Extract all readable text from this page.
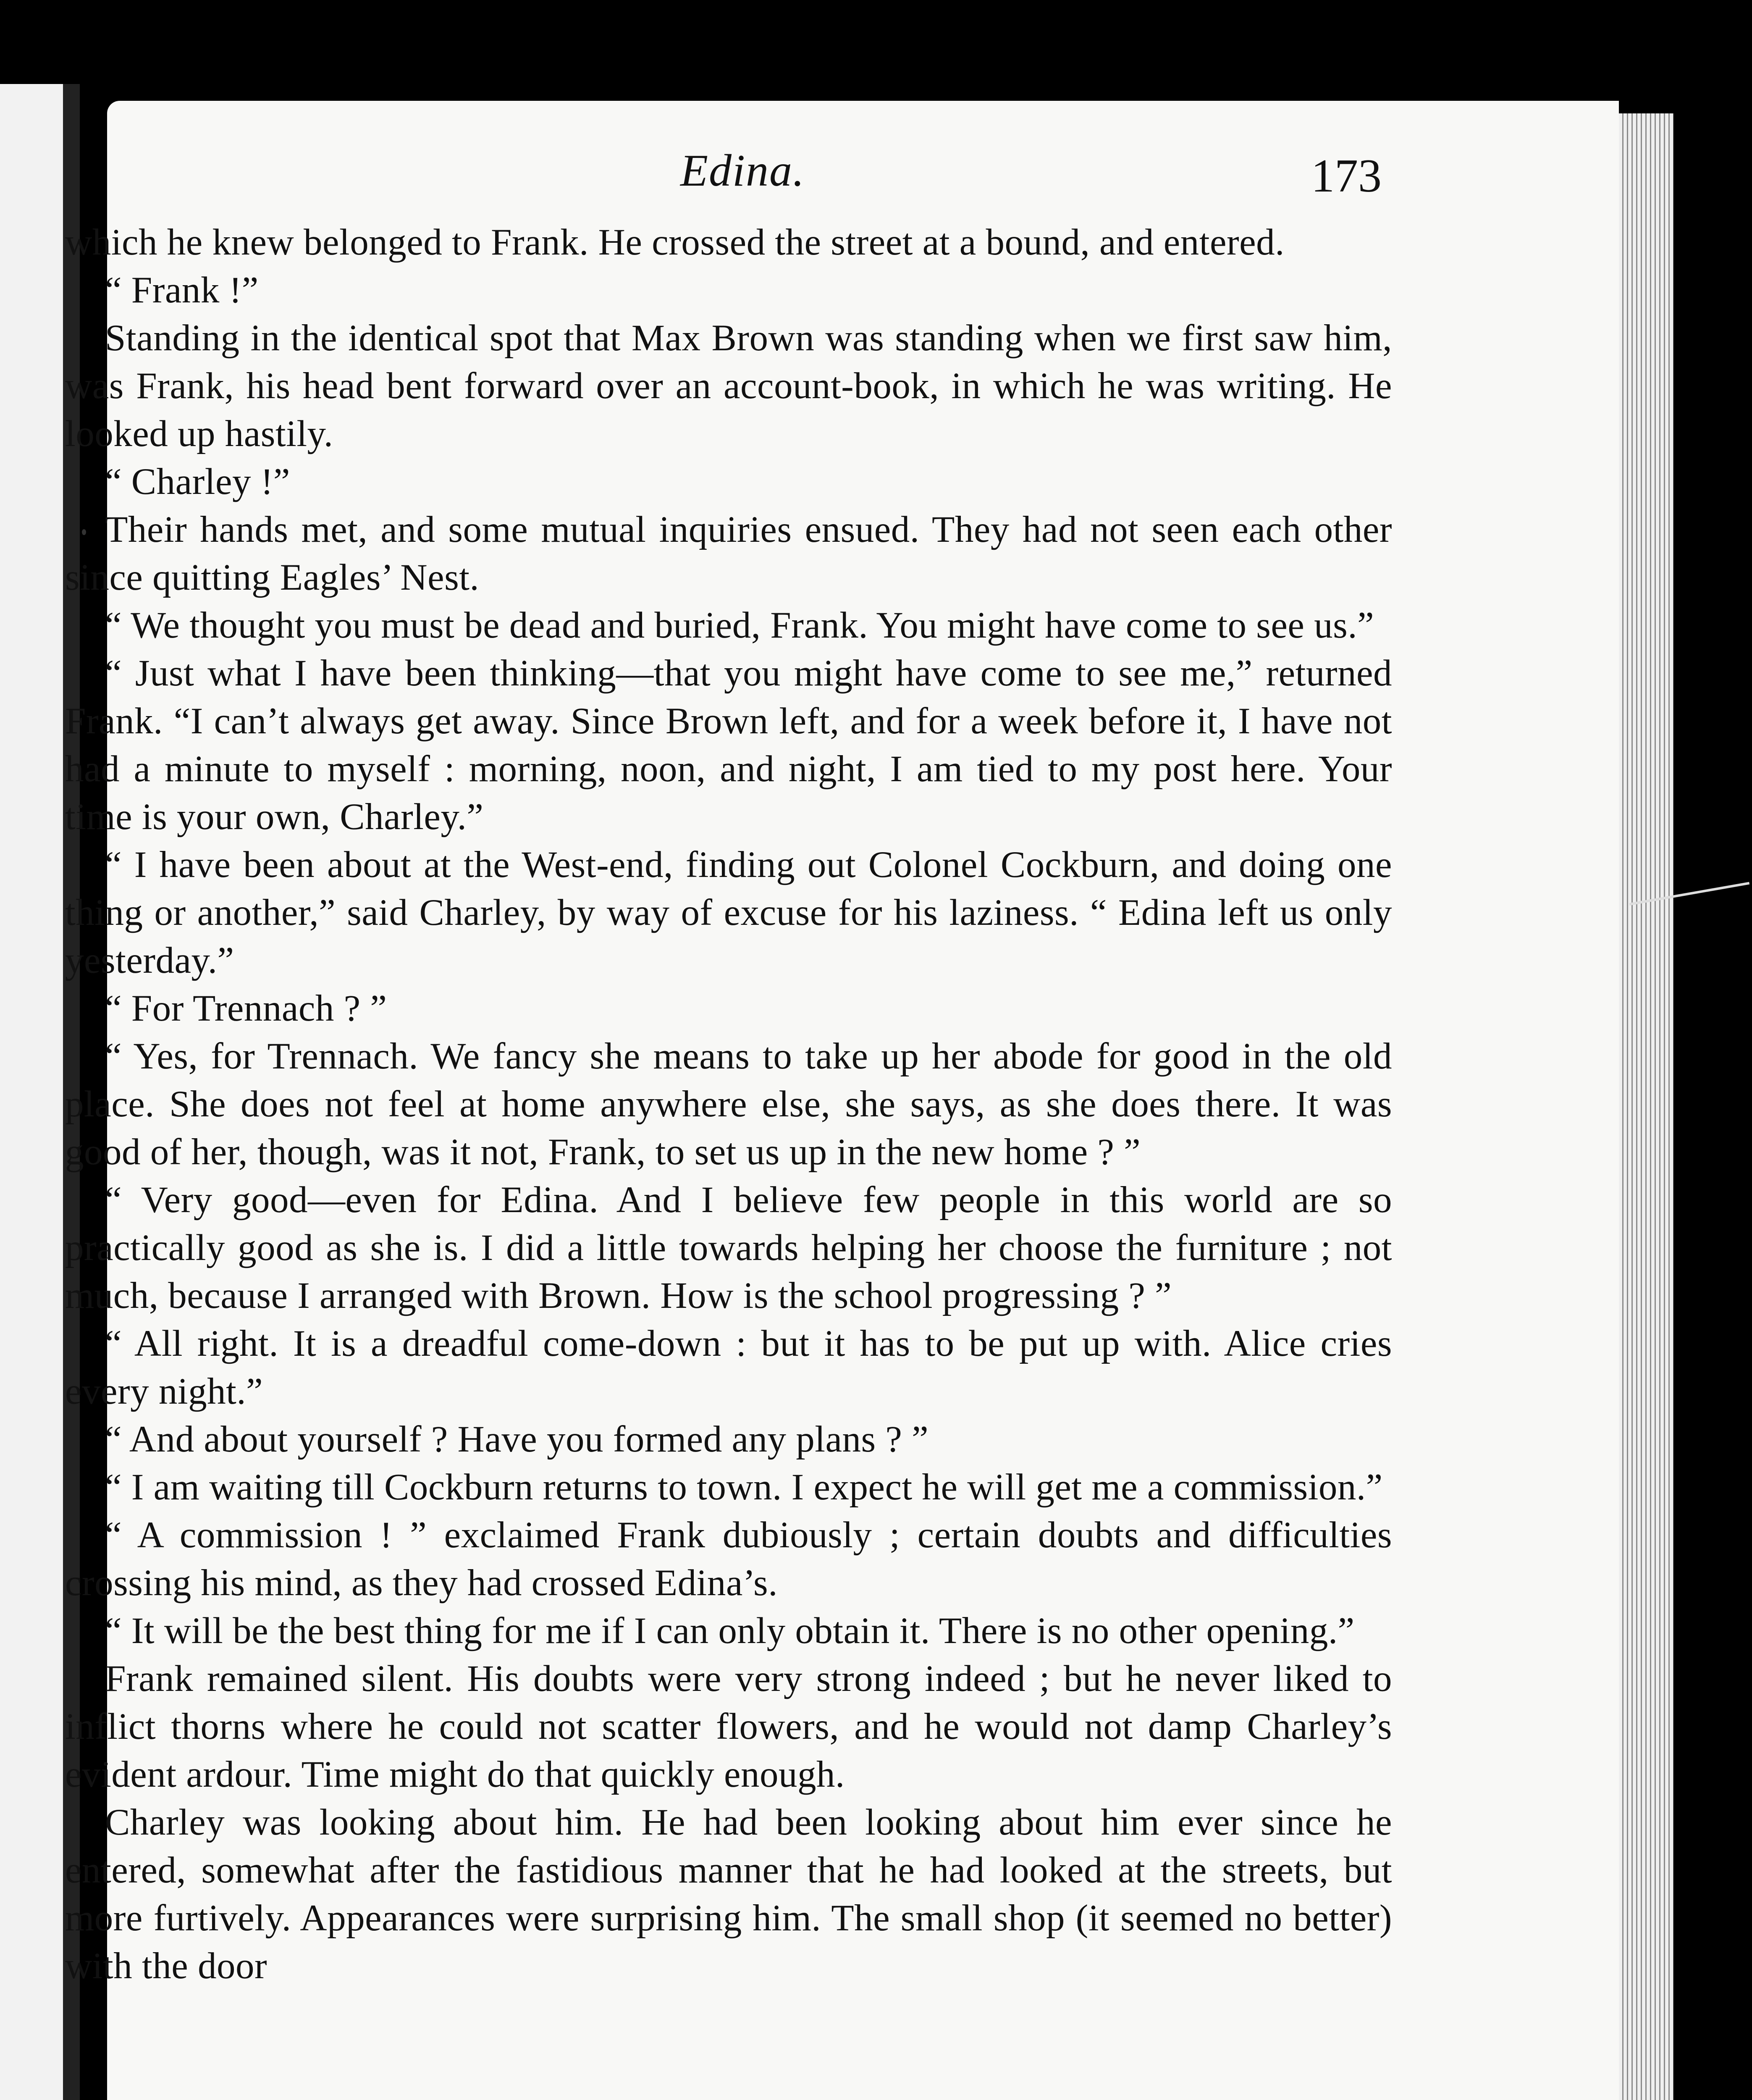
Edina.	173

which he knew belonged to Frank. He crossed the street at a bound, and entered.

“ Frank !”

Standing in the identical spot that Max Brown was standing when we first saw him, was Frank, his head bent forward over an account-book, in which he was writing. He looked up hastily.

“ Charley !”

Their hands met, and some mutual inquiries ensued. They had not seen each other since quitting Eagles’ Nest.

“ We thought you must be dead and buried, Frank. You might have come to see us.”

“ Just what I have been thinking—that you might have come to see me,” returned Frank. “I can’t always get away. Since Brown left, and for a week before it, I have not had a minute to myself : morning, noon, and night, I am tied to my post here. Your time is your own, Charley.”

“ I have been about at the West-end, finding out Colonel Cockburn, and doing one thing or another,” said Charley, by way of excuse for his laziness. “ Edina left us only yesterday.”

“ For Trennach ? ”

“ Yes, for Trennach. We fancy she means to take up her abode for good in the old place. She does not feel at home anywhere else, she says, as she does there. It was good of her, though, was it not, Frank, to set us up in the new home ? ”

“ Very good—even for Edina. And I believe few people in this world are so practically good as she is. I did a little towards helping her choose the furniture ; not much, because I arranged with Brown. How is the school progressing ? ”

“ All right. It is a dreadful come-down : but it has to be put up with. Alice cries every night.”

“ And about yourself ? Have you formed any plans ? ”

“ I am waiting till Cockburn returns to town. I expect he will get me a commission.”

“ A commission ! ” exclaimed Frank dubiously ; certain doubts and difficulties crossing his mind, as they had crossed Edina’s.

“ It will be the best thing for me if I can only obtain it. There is no other opening.”

Frank remained silent. His doubts were very strong indeed ; but he never liked to inflict thorns where he could not scatter flowers, and he would not damp Charley’s evident ardour. Time might do that quickly enough.

Charley was looking about him. He had been looking about him ever since he entered, somewhat after the fastidious manner that he had looked at the streets, but more furtively. Appearances were surprising him. The small shop (it seemed no better) with the door
